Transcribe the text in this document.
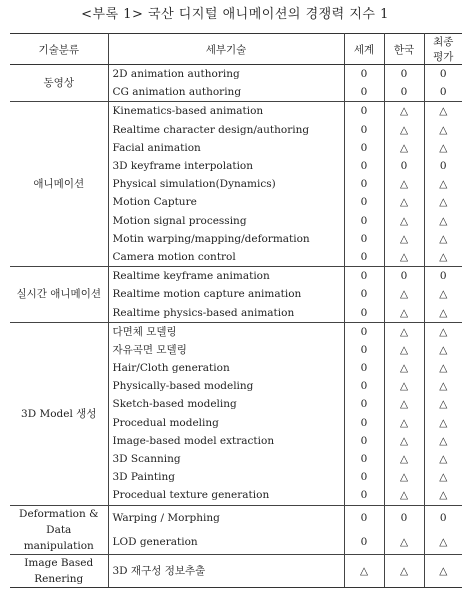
<부록 1> 국산 디지털 애니메이션의 경쟁력 지수 1
기술분류	세부기술	세계	한국	최종평가
동영상	2D animation authoring	0	0	0
	CG animation authoring	0	0	0
애니메이션	Kinematics-based animation	0	△	△
	Realtime character design/authoring	0	△	△
	Facial animation	0	△	△
	3D keyframe interpolation	0	0	0
	Physical simulation(Dynamics)	0	△	△
	Motion Capture	0	△	△
	Motion signal processing	0	△	△
	Motin warping/mapping/deformation	0	△	△
	Camera motion control	0	△	△
실시간 애니메이션	Realtime keyframe animation	0	0	0
	Realtime motion capture animation	0	△	△
	Realtime physics-based animation	0	△	△
3D Model 생성	다면체 모델링	0	△	△
	자유곡면 모델링	0	△	△
	Hair/Cloth generation	0	△	△
	Physically-based modeling	0	△	△
	Sketch-based modeling	0	△	△
	Procedual modeling	0	△	△
	Image-based model extraction	0	△	△
	3D Scanning	0	△	△
	3D Painting	0	△	△
	Procedual texture generation	0	△	△
Deformation & Data manipulation	Warping / Morphing	0	0	0
	LOD generation	0	△	△
Image Based Renering	3D 재구성 정보추출	△	△	△
